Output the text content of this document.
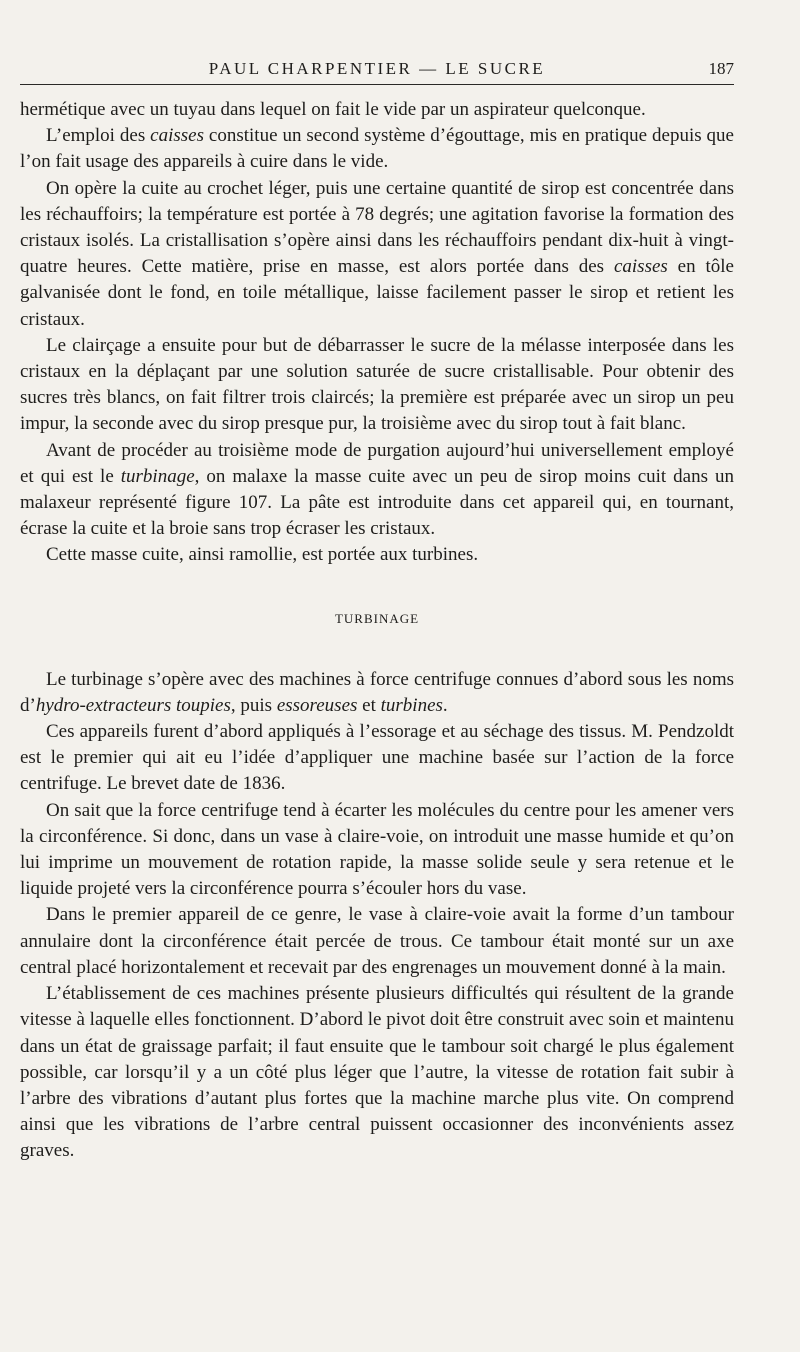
PAUL CHARPENTIER — LE SUCRE	187

hermétique avec un tuyau dans lequel on fait le vide par un aspirateur quelconque.

L’emploi des caisses constitue un second système d’égouttage, mis en pratique depuis que l’on fait usage des appareils à cuire dans le vide.

On opère la cuite au crochet léger, puis une certaine quantité de sirop est concentrée dans les réchauffoirs; la température est portée à 78 degrés; une agitation favorise la formation des cristaux isolés. La cristallisation s’opère ainsi dans les réchauffoirs pendant dix-huit à vingt-quatre heures. Cette matière, prise en masse, est alors portée dans des caisses en tôle galvanisée dont le fond, en toile métallique, laisse facilement passer le sirop et retient les cristaux.

Le clairçage a ensuite pour but de débarrasser le sucre de la mélasse interposée dans les cristaux en la déplaçant par une solution saturée de sucre cristallisable. Pour obtenir des sucres très blancs, on fait filtrer trois claircés; la première est préparée avec un sirop un peu impur, la seconde avec du sirop presque pur, la troisième avec du sirop tout à fait blanc.

Avant de procéder au troisième mode de purgation aujourd’hui universellement employé et qui est le turbinage, on malaxe la masse cuite avec un peu de sirop moins cuit dans un malaxeur représenté figure 107. La pâte est introduite dans cet appareil qui, en tournant, écrase la cuite et la broie sans trop écraser les cristaux.

Cette masse cuite, ainsi ramollie, est portée aux turbines.

TURBINAGE

Le turbinage s’opère avec des machines à force centrifuge connues d’abord sous les noms d’hydro-extracteurs toupies, puis essoreuses et turbines.

Ces appareils furent d’abord appliqués à l’essorage et au séchage des tissus. M. Pendzoldt est le premier qui ait eu l’idée d’appliquer une machine basée sur l’action de la force centrifuge. Le brevet date de 1836.

On sait que la force centrifuge tend à écarter les molécules du centre pour les amener vers la circonférence. Si donc, dans un vase à claire-voie, on introduit une masse humide et qu’on lui imprime un mouvement de rotation rapide, la masse solide seule y sera retenue et le liquide projeté vers la circonférence pourra s’écouler hors du vase.

Dans le premier appareil de ce genre, le vase à claire-voie avait la forme d’un tambour annulaire dont la circonférence était percée de trous. Ce tambour était monté sur un axe central placé horizontalement et recevait par des engrenages un mouvement donné à la main.

L’établissement de ces machines présente plusieurs difficultés qui résultent de la grande vitesse à laquelle elles fonctionnent. D’abord le pivot doit être construit avec soin et maintenu dans un état de graissage parfait; il faut ensuite que le tambour soit chargé le plus également possible, car lorsqu’il y a un côté plus léger que l’autre, la vitesse de rotation fait subir à l’arbre des vibrations d’autant plus fortes que la machine marche plus vite. On comprend ainsi que les vibrations de l’arbre central puissent occasionner des inconvénients assez graves.
